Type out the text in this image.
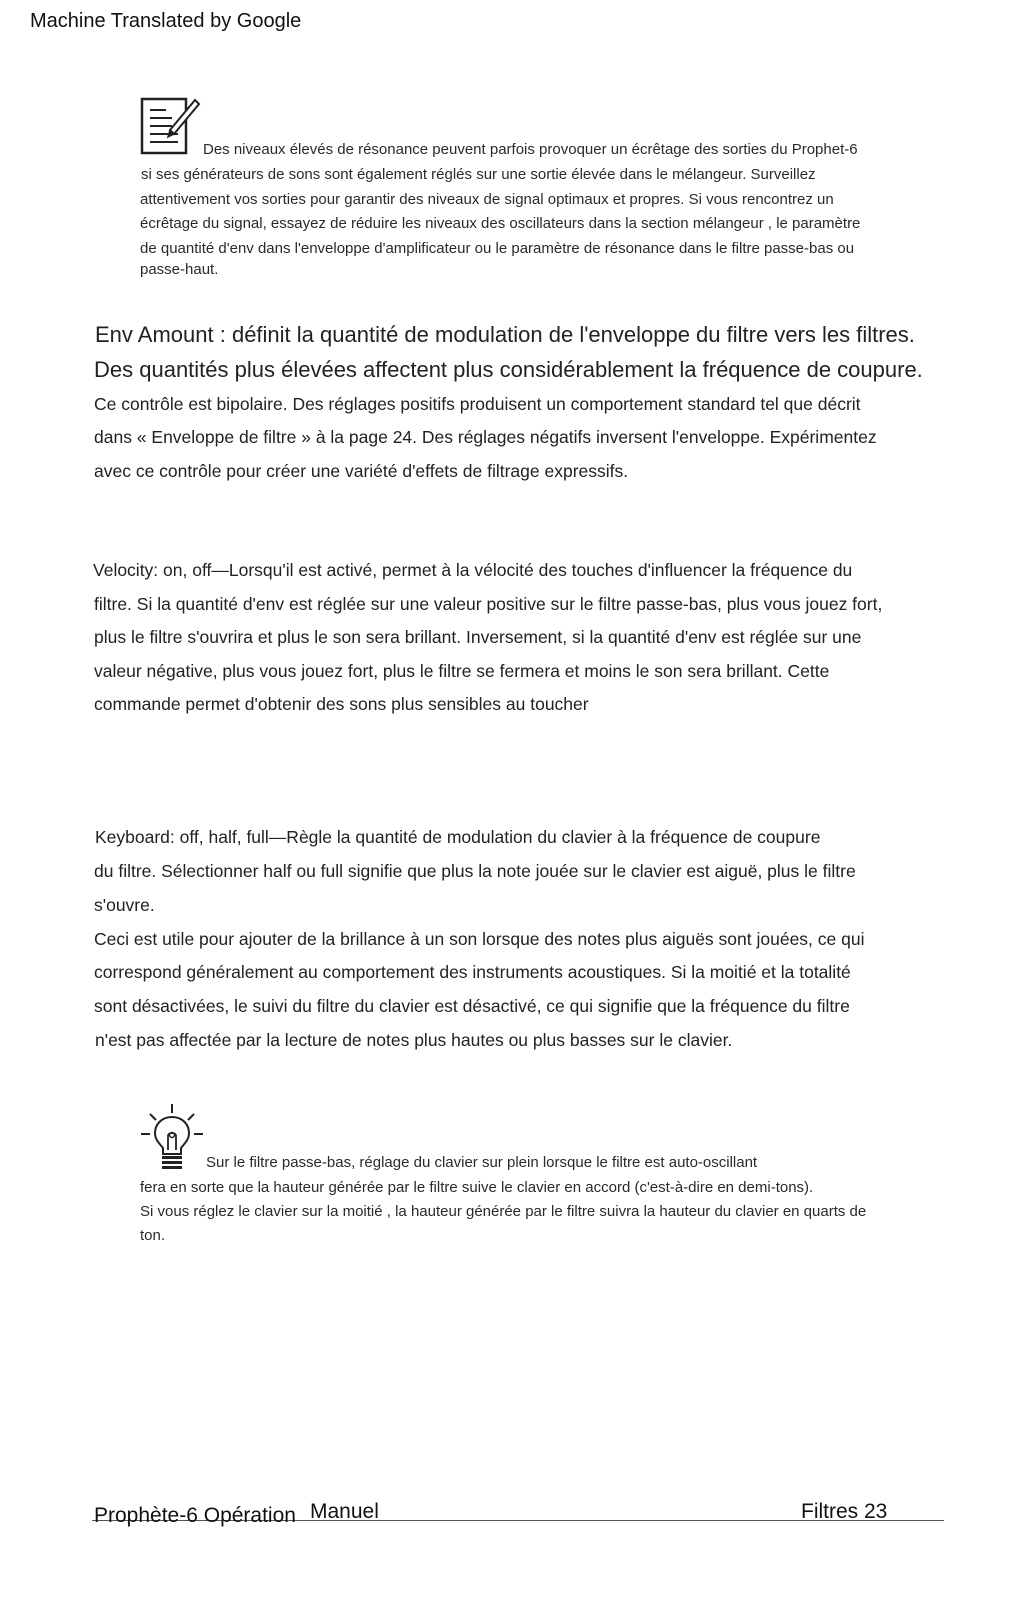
Machine Translated by Google
Des niveaux élevés de résonance peuvent parfois provoquer un écrêtage des sorties du Prophet-6
si ses générateurs de sons sont également réglés sur une sortie élevée dans le mélangeur. Surveillez
attentivement vos sorties pour garantir des niveaux de signal optimaux et propres. Si vous rencontrez un
écrêtage du signal, essayez de réduire les niveaux des oscillateurs dans la section mélangeur , le paramètre
de quantité d'env dans l'enveloppe d'amplificateur ou le paramètre de résonance dans le filtre passe-bas ou
passe-haut.
Env Amount : définit la quantité de modulation de l'enveloppe du filtre vers les filtres.
Des quantités plus élevées affectent plus considérablement la fréquence de coupure.
Ce contrôle est bipolaire. Des réglages positifs produisent un comportement standard tel que décrit
dans « Enveloppe de filtre » à la page 24. Des réglages négatifs inversent l'enveloppe. Expérimentez
avec ce contrôle pour créer une variété d'effets de filtrage expressifs.
Velocity: on, off—Lorsqu'il est activé, permet à la vélocité des touches d'influencer la fréquence du
filtre. Si la quantité d'env est réglée sur une valeur positive sur le filtre passe-bas, plus vous jouez fort,
plus le filtre s'ouvrira et plus le son sera brillant. Inversement, si la quantité d'env est réglée sur une
valeur négative, plus vous jouez fort, plus le filtre se fermera et moins le son sera brillant. Cette
commande permet d'obtenir des sons plus sensibles au toucher
Keyboard: off, half, full—Règle la quantité de modulation du clavier à la fréquence de coupure
du filtre. Sélectionner half ou full signifie que plus la note jouée sur le clavier est aiguë, plus le filtre
s'ouvre.
Ceci est utile pour ajouter de la brillance à un son lorsque des notes plus aiguës sont jouées, ce qui
correspond généralement au comportement des instruments acoustiques. Si la moitié et la totalité
sont désactivées, le suivi du filtre du clavier est désactivé, ce qui signifie que la fréquence du filtre
n'est pas affectée par la lecture de notes plus hautes ou plus basses sur le clavier.
Sur le filtre passe-bas, réglage du clavier sur plein lorsque le filtre est auto-oscillant
fera en sorte que la hauteur générée par le filtre suive le clavier en accord (c'est-à-dire en demi-tons).
Si vous réglez le clavier sur la moitié , la hauteur générée par le filtre suivra la hauteur du clavier en quarts de
ton.
Prophète-6 Opération Manuel	Filtres 23
